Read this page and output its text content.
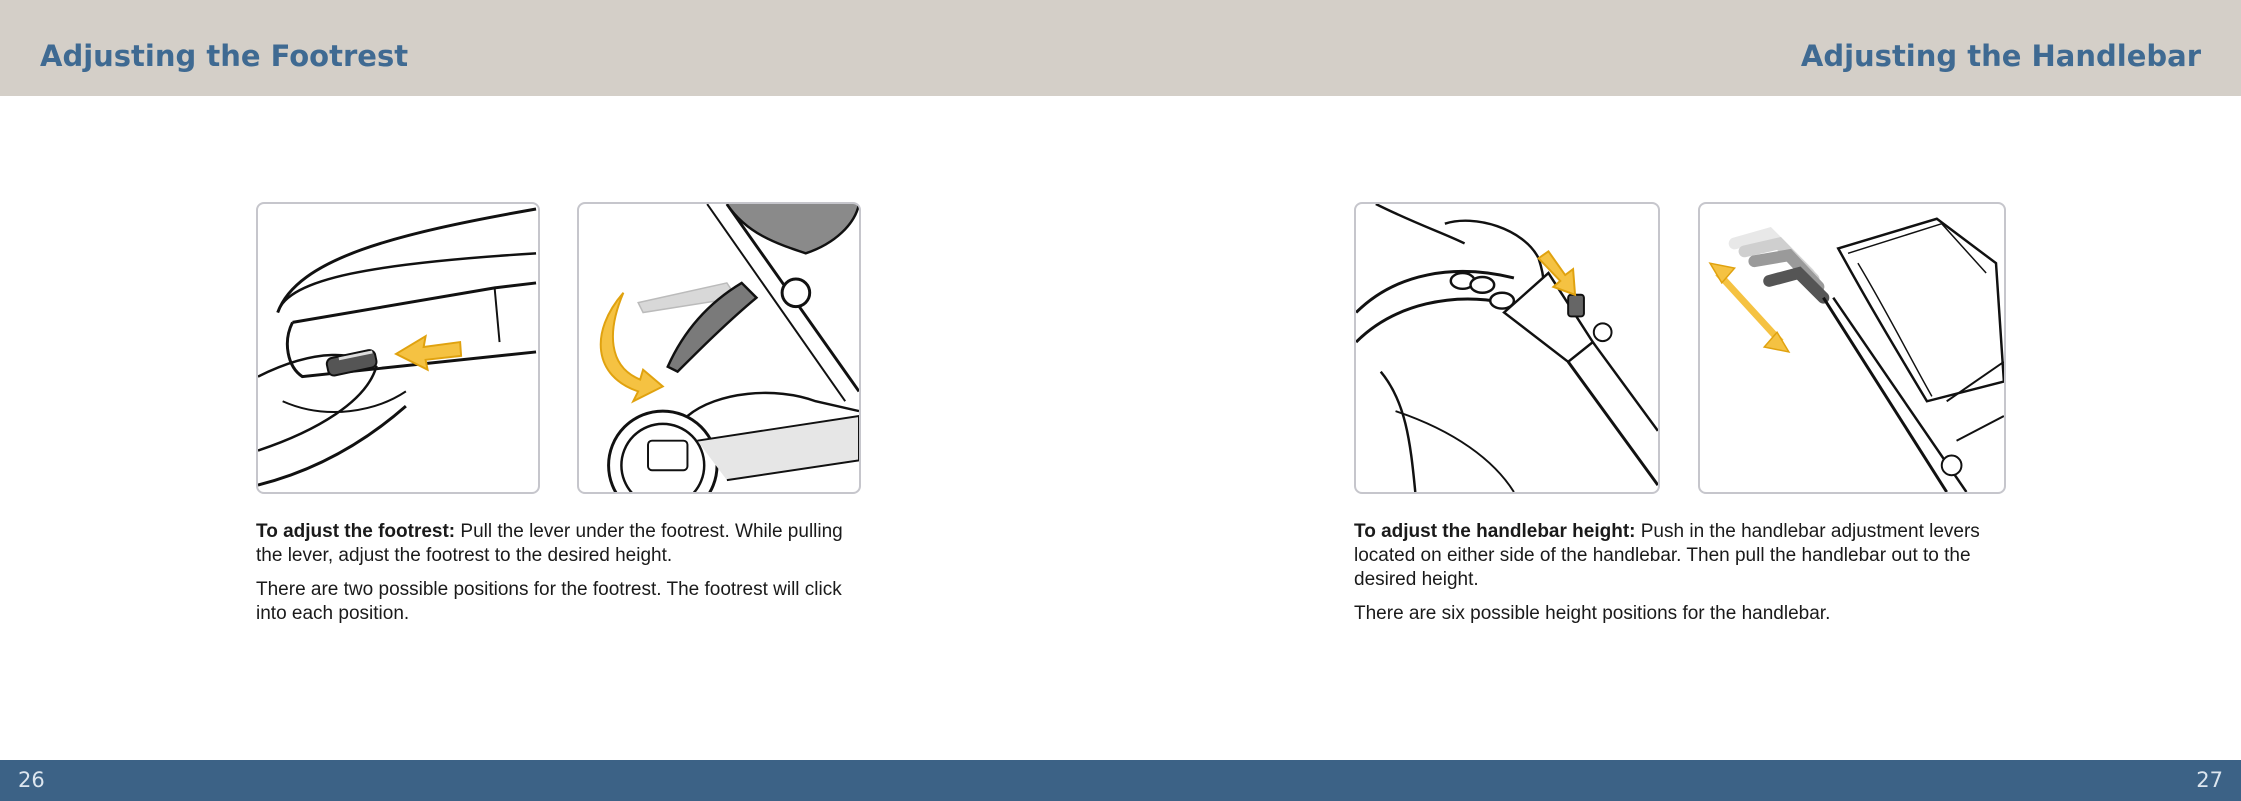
Adjusting the Footrest	Adjusting the Handlebar

To adjust the footrest: Pull the lever under the footrest. While pulling the lever, adjust the footrest to the desired height.

There are two possible positions for the footrest. The footrest will click into each position.

To adjust the handlebar height: Push in the handlebar adjustment levers located on either side of the handlebar. Then pull the handlebar out to the desired height.

There are six possible height positions for the handlebar.

26	27
